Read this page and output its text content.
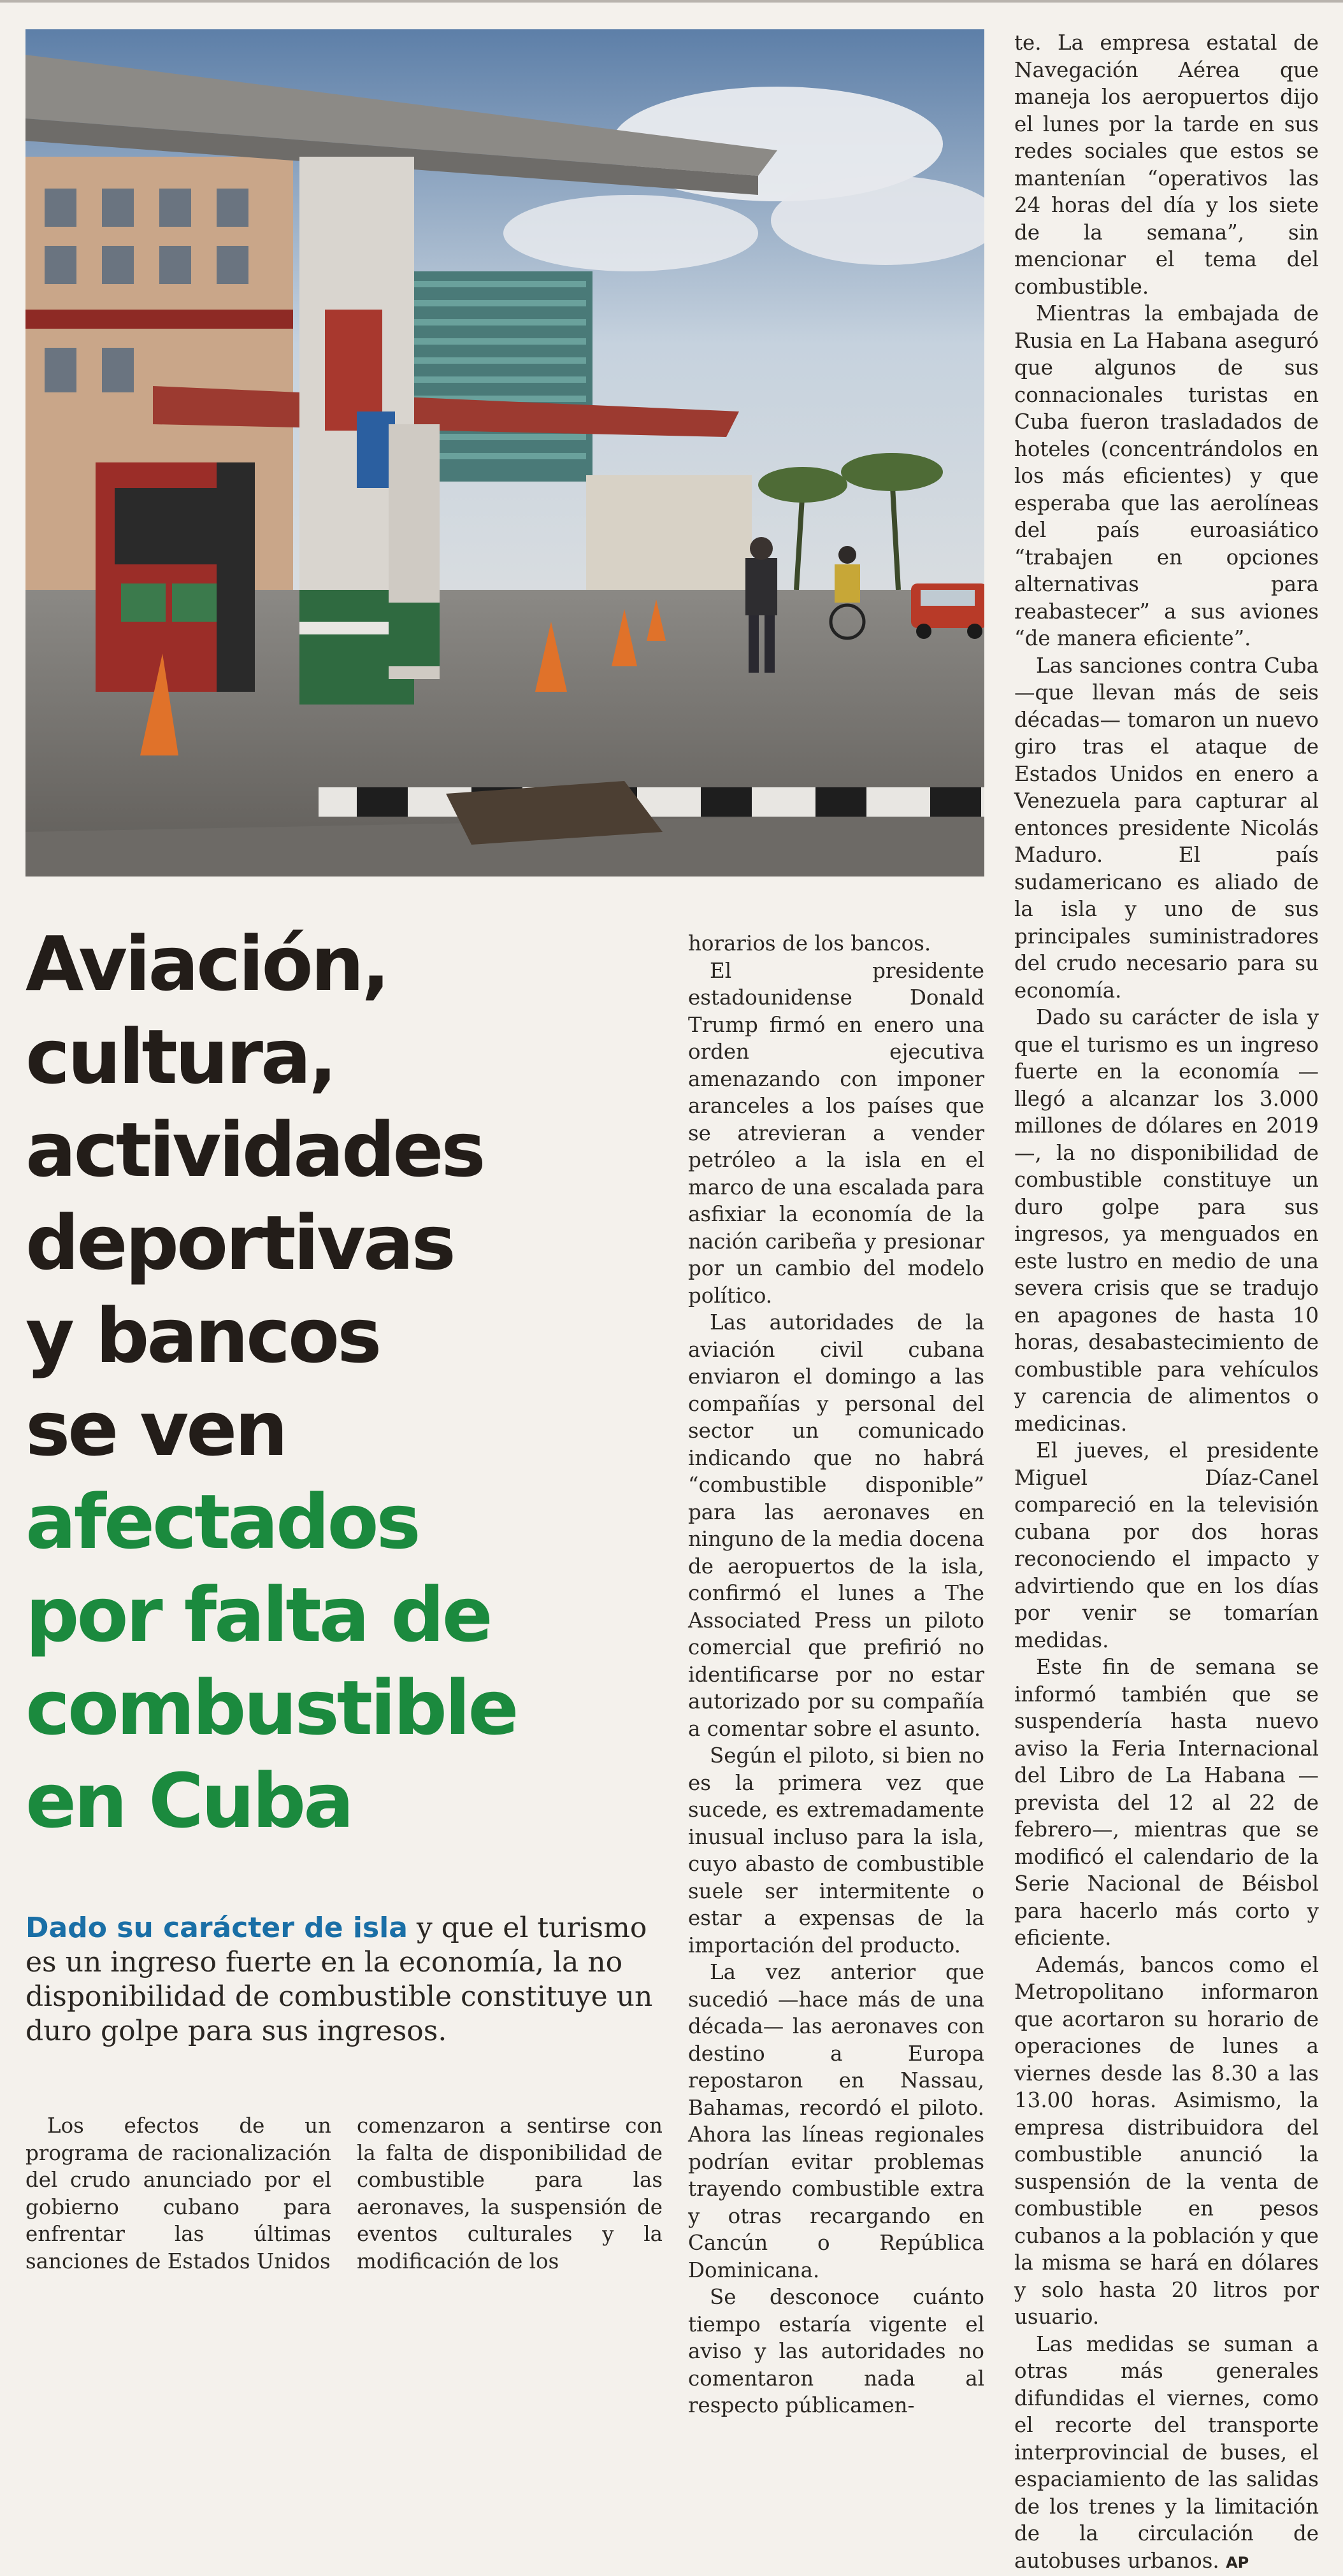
Aviación,
cultura,
actividades
deportivas
y bancos
se ven
afectados
por falta de
combustible
en Cuba

Dado su carácter de isla y que el turismo es un ingreso fuerte en la economía, la no disponibilidad de combustible constituye un duro golpe para sus ingresos.

Los efectos de un programa de racionalización del crudo anunciado por el gobierno cubano para enfrentar las últimas sanciones de Estados Unidos

comenzaron a sentirse con la falta de disponibilidad de combustible para las aeronaves, la suspensión de eventos culturales y la modificación de los

horarios de los bancos.

El presidente estadounidense Donald Trump firmó en enero una orden ejecutiva amenazando con imponer aranceles a los países que se atrevieran a vender petróleo a la isla en el marco de una escalada para asfixiar la economía de la nación caribeña y presionar por un cambio del modelo político.

Las autoridades de la aviación civil cubana enviaron el domingo a las compañías y personal del sector un comunicado indicando que no habrá “combustible disponible” para las aeronaves en ninguno de la media docena de aeropuertos de la isla, confirmó el lunes a The Associated Press un piloto comercial que prefirió no identificarse por no estar autorizado por su compañía a comentar sobre el asunto.

Según el piloto, si bien no es la primera vez que sucede, es extremadamente inusual incluso para la isla, cuyo abasto de combustible suele ser intermitente o estar a expensas de la importación del producto.

La vez anterior que sucedió —hace más de una década— las aeronaves con destino a Europa repostaron en Nassau, Bahamas, recordó el piloto. Ahora las líneas regionales podrían evitar problemas trayendo combustible extra y otras recargando en Cancún o República Dominicana.

Se desconoce cuánto tiempo estaría vigente el aviso y las autoridades no comentaron nada al respecto públicamen-

te. La empresa estatal de Navegación Aérea que maneja los aeropuertos dijo el lunes por la tarde en sus redes sociales que estos se mantenían “operativos las 24 horas del día y los siete de la semana”, sin mencionar el tema del combustible.

Mientras la embajada de Rusia en La Habana aseguró que algunos de sus connacionales turistas en Cuba fueron trasladados de hoteles (concentrándolos en los más eficientes) y que esperaba que las aerolíneas del país euroasiático “trabajen en opciones alternativas para reabastecer” a sus aviones “de manera eficiente”.

Las sanciones contra Cuba —que llevan más de seis décadas— tomaron un nuevo giro tras el ataque de Estados Unidos en enero a Venezuela para capturar al entonces presidente Nicolás Maduro. El país sudamericano es aliado de la isla y uno de sus principales suministradores del crudo necesario para su economía.

Dado su carácter de isla y que el turismo es un ingreso fuerte en la economía —llegó a alcanzar los 3.000 millones de dólares en 2019—, la no disponibilidad de combustible constituye un duro golpe para sus ingresos, ya menguados en este lustro en medio de una severa crisis que se tradujo en apagones de hasta 10 horas, desabastecimiento de combustible para vehículos y carencia de alimentos o medicinas.

El jueves, el presidente Miguel Díaz-Canel compareció en la televisión cubana por dos horas reconociendo el impacto y advirtiendo que en los días por venir se tomarían medidas.

Este fin de semana se informó también que se suspendería hasta nuevo aviso la Feria Internacional del Libro de La Habana —prevista del 12 al 22 de febrero—, mientras que se modificó el calendario de la Serie Nacional de Béisbol para hacerlo más corto y eficiente.

Además, bancos como el Metropolitano informaron que acortaron su horario de operaciones de lunes a viernes desde las 8.30 a las 13.00 horas. Asimismo, la empresa distribuidora del combustible anunció la suspensión de la venta de combustible en pesos cubanos a la población y que la misma se hará en dólares y solo hasta 20 litros por usuario.

Las medidas se suman a otras más generales difundidas el viernes, como el recorte del transporte interprovincial de buses, el espaciamiento de las salidas de los trenes y la limitación de la circulación de autobuses urbanos. AP
